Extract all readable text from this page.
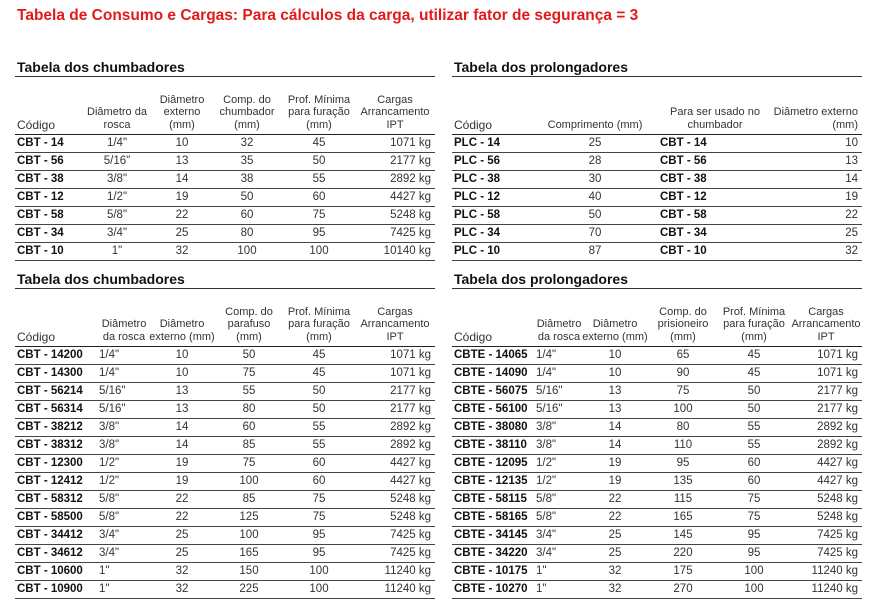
Tabela de Consumo e Cargas: Para cálculos da carga, utilizar fator de segurança = 3
Tabela dos chumbadores
Código	Diâmetro da rosca	Diâmetro externo (mm)	Comp. do chumbador (mm)	Prof. Mínima para furação (mm)	Cargas Arrancamento IPT
CBT - 14	1/4"	10	32	45	1071 kg
CBT - 56	5/16"	13	35	50	2177 kg
CBT - 38	3/8"	14	38	55	2892 kg
CBT - 12	1/2"	19	50	60	4427 kg
CBT - 58	5/8"	22	60	75	5248 kg
CBT - 34	3/4"	25	80	95	7425 kg
CBT - 10	1"	32	100	100	10140 kg
Tabela dos prolongadores
Código	Comprimento (mm)	Para ser usado no chumbador	Diâmetro externo (mm)
PLC - 14	25	CBT - 14	10
PLC - 56	28	CBT - 56	13
PLC - 38	30	CBT - 38	14
PLC - 12	40	CBT - 12	19
PLC - 58	50	CBT - 58	22
PLC - 34	70	CBT - 34	25
PLC - 10	87	CBT - 10	32
Tabela dos chumbadores
Código	Diâmetro da rosca	Diâmetro externo (mm)	Comp. do parafuso (mm)	Prof. Mínima para furação (mm)	Cargas Arrancamento IPT
CBT - 14200	1/4"	10	50	45	1071 kg
CBT - 14300	1/4"	10	75	45	1071 kg
CBT - 56214	5/16"	13	55	50	2177 kg
CBT - 56314	5/16"	13	80	50	2177 kg
CBT - 38212	3/8"	14	60	55	2892 kg
CBT - 38312	3/8"	14	85	55	2892 kg
CBT - 12300	1/2"	19	75	60	4427 kg
CBT - 12412	1/2"	19	100	60	4427 kg
CBT - 58312	5/8"	22	85	75	5248 kg
CBT - 58500	5/8"	22	125	75	5248 kg
CBT - 34412	3/4"	25	100	95	7425 kg
CBT - 34612	3/4"	25	165	95	7425 kg
CBT - 10600	1"	32	150	100	11240 kg
CBT - 10900	1"	32	225	100	11240 kg
Tabela dos prolongadores
Código	Diâmetro da rosca	Diâmetro externo (mm)	Comp. do prisioneiro (mm)	Prof. Mínima para furação (mm)	Cargas Arrancamento IPT
CBTE - 14065	1/4"	10	65	45	1071 kg
CBTE - 14090	1/4"	10	90	45	1071 kg
CBTE - 56075	5/16"	13	75	50	2177 kg
CBTE - 56100	5/16"	13	100	50	2177 kg
CBTE - 38080	3/8"	14	80	55	2892 kg
CBTE - 38110	3/8"	14	110	55	2892 kg
CBTE - 12095	1/2"	19	95	60	4427 kg
CBTE - 12135	1/2"	19	135	60	4427 kg
CBTE - 58115	5/8"	22	115	75	5248 kg
CBTE - 58165	5/8"	22	165	75	5248 kg
CBTE - 34145	3/4"	25	145	95	7425 kg
CBTE - 34220	3/4"	25	220	95	7425 kg
CBTE - 10175	1"	32	175	100	11240 kg
CBTE - 10270	1"	32	270	100	11240 kg
